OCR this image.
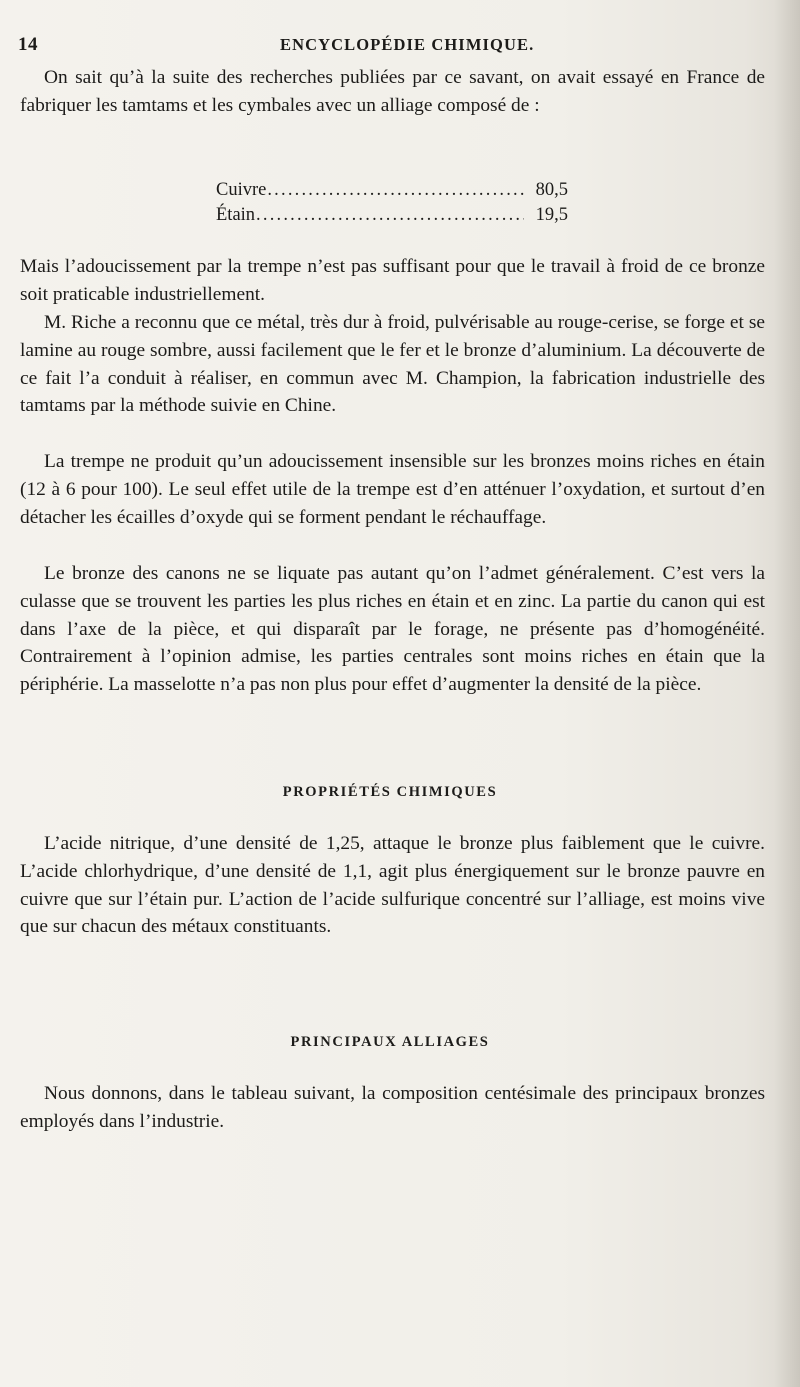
14	ENCYCLOPÉDIE CHIMIQUE.

On sait qu’à la suite des recherches publiées par ce savant, on avait essayé en France de fabriquer les tamtams et les cymbales avec un alliage composé de :

Cuivre .....	80,5
Étain .....	19,5

Mais l’adoucissement par la trempe n’est pas suffisant pour que le travail à froid de ce bronze soit praticable industriellement.

M. Riche a reconnu que ce métal, très dur à froid, pulvérisable au rouge-cerise, se forge et se lamine au rouge sombre, aussi facilement que le fer et le bronze d’aluminium. La découverte de ce fait l’a conduit à réaliser, en commun avec M. Champion, la fabrication industrielle des tamtams par la méthode suivie en Chine.

La trempe ne produit qu’un adoucissement insensible sur les bronzes moins riches en étain (12 à 6 pour 100). Le seul effet utile de la trempe est d’en atténuer l’oxydation, et surtout d’en détacher les écailles d’oxyde qui se forment pendant le réchauffage.

Le bronze des canons ne se liquate pas autant qu’on l’admet généralement. C’est vers la culasse que se trouvent les parties les plus riches en étain et en zinc. La partie du canon qui est dans l’axe de la pièce, et qui disparaît par le forage, ne présente pas d’homogénéité. Contrairement à l’opinion admise, les parties centrales sont moins riches en étain que la périphérie. La masselotte n’a pas non plus pour effet d’augmenter la densité de la pièce.

PROPRIÉTÉS CHIMIQUES

L’acide nitrique, d’une densité de 1,25, attaque le bronze plus faiblement que le cuivre. L’acide chlorhydrique, d’une densité de 1,1, agit plus énergiquement sur le bronze pauvre en cuivre que sur l’étain pur. L’action de l’acide sulfurique concentré sur l’alliage, est moins vive que sur chacun des métaux constituants.

PRINCIPAUX ALLIAGES

Nous donnons, dans le tableau suivant, la composition centésimale des principaux bronzes employés dans l’industrie.
